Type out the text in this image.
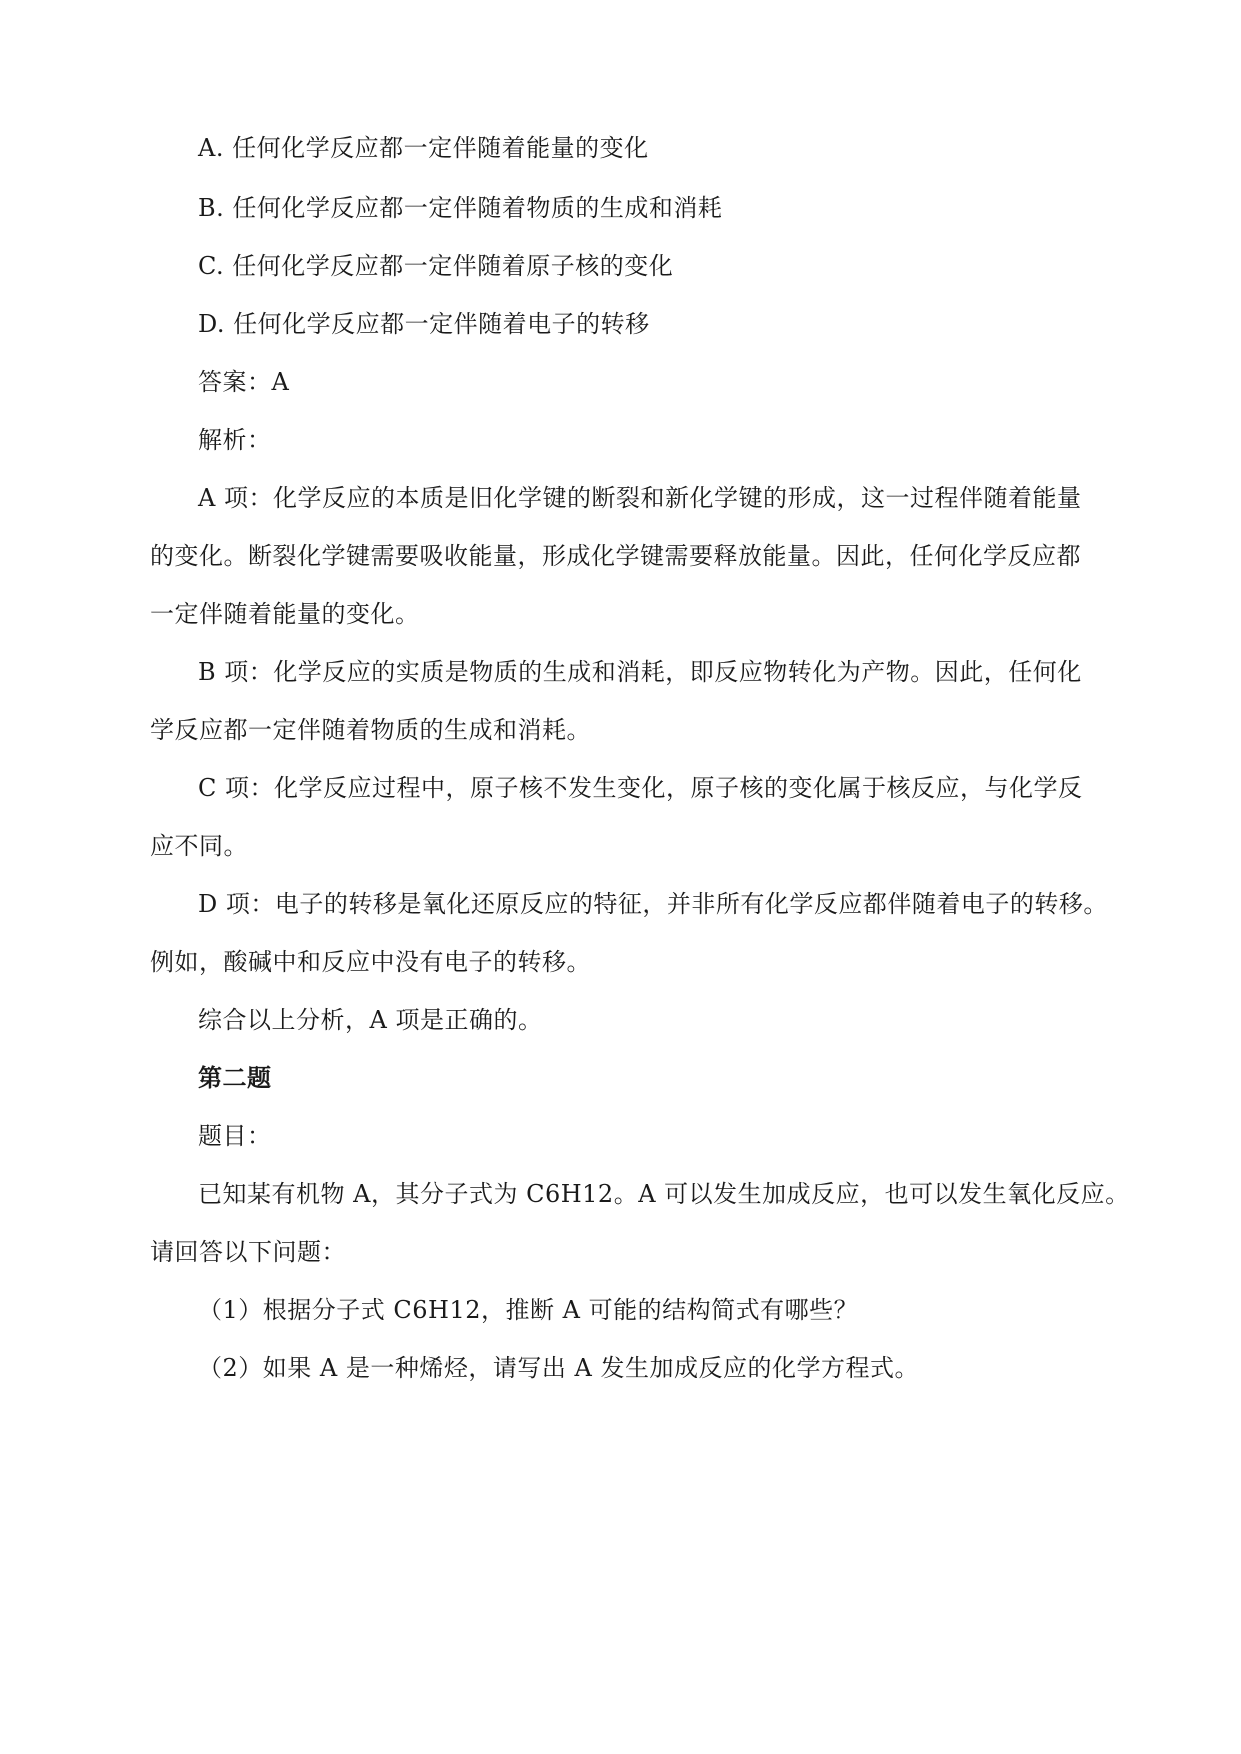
A. 任何化学反应都一定伴随着能量的变化
B. 任何化学反应都一定伴随着物质的生成和消耗
C. 任何化学反应都一定伴随着原子核的变化
D. 任何化学反应都一定伴随着电子的转移
答案：A
解析：
A 项：化学反应的本质是旧化学键的断裂和新化学键的形成，这一过程伴随着能量
的变化。断裂化学键需要吸收能量，形成化学键需要释放能量。因此，任何化学反应都
一定伴随着能量的变化。
B 项：化学反应的实质是物质的生成和消耗，即反应物转化为产物。因此，任何化
学反应都一定伴随着物质的生成和消耗。
C 项：化学反应过程中，原子核不发生变化，原子核的变化属于核反应，与化学反
应不同。
D 项：电子的转移是氧化还原反应的特征，并非所有化学反应都伴随着电子的转移。
例如，酸碱中和反应中没有电子的转移。
综合以上分析，A 项是正确的。
第二题
题目：
已知某有机物 A，其分子式为 C6H12。A 可以发生加成反应，也可以发生氧化反应。
请回答以下问题：
（1）根据分子式 C6H12，推断 A 可能的结构简式有哪些？
（2）如果 A 是一种烯烃，请写出 A 发生加成反应的化学方程式。
